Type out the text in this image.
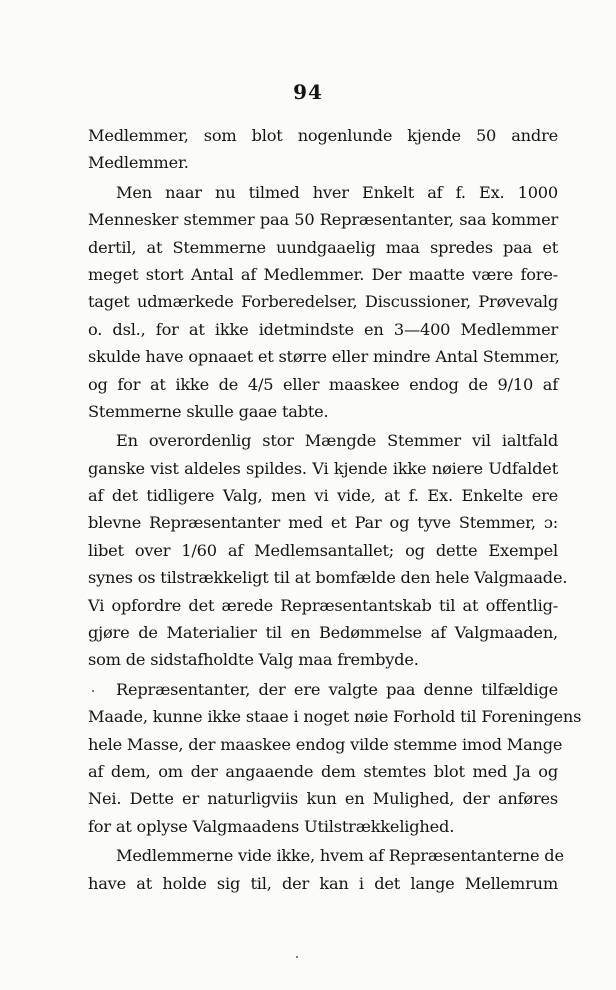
94
Medlemmer, som blot nogenlunde kjende 50 andre
Medlemmer.
Men naar nu tilmed hver Enkelt af f. Ex. 1000
Mennesker stemmer paa 50 Repræsentanter, saa kommer
dertil, at Stemmerne uundgaaelig maa spredes paa et
meget stort Antal af Medlemmer. Der maatte være fore-
taget udmærkede Forberedelser, Discussioner, Prøvevalg
o. dsl., for at ikke idetmindste en 3—400 Medlemmer
skulde have opnaaet et større eller mindre Antal Stemmer,
og for at ikke de 4/5 eller maaskee endog de 9/10 af
Stemmerne skulle gaae tabte.
En overordenlig stor Mængde Stemmer vil ialtfald
ganske vist aldeles spildes. Vi kjende ikke nøiere Udfaldet
af det tidligere Valg, men vi vide, at f. Ex. Enkelte ere
blevne Repræsentanter med et Par og tyve Stemmer, ɔ:
libet over 1/60 af Medlemsantallet; og dette Exempel
synes os tilstrækkeligt til at bomfælde den hele Valgmaade.
Vi opfordre det ærede Repræsentantskab til at offentlig-
gjøre de Materialier til en Bedømmelse af Valgmaaden,
som de sidstafholdte Valg maa frembyde.
Repræsentanter, der ere valgte paa denne tilfældige
Maade, kunne ikke staae i noget nøie Forhold til Foreningens
hele Masse, der maaskee endog vilde stemme imod Mange
af dem, om der angaaende dem stemtes blot med Ja og
Nei. Dette er naturligviis kun en Mulighed, der anføres
for at oplyse Valgmaadens Utilstrækkelighed.
Medlemmerne vide ikke, hvem af Repræsentanterne de
have at holde sig til, der kan i det lange Mellemrum
